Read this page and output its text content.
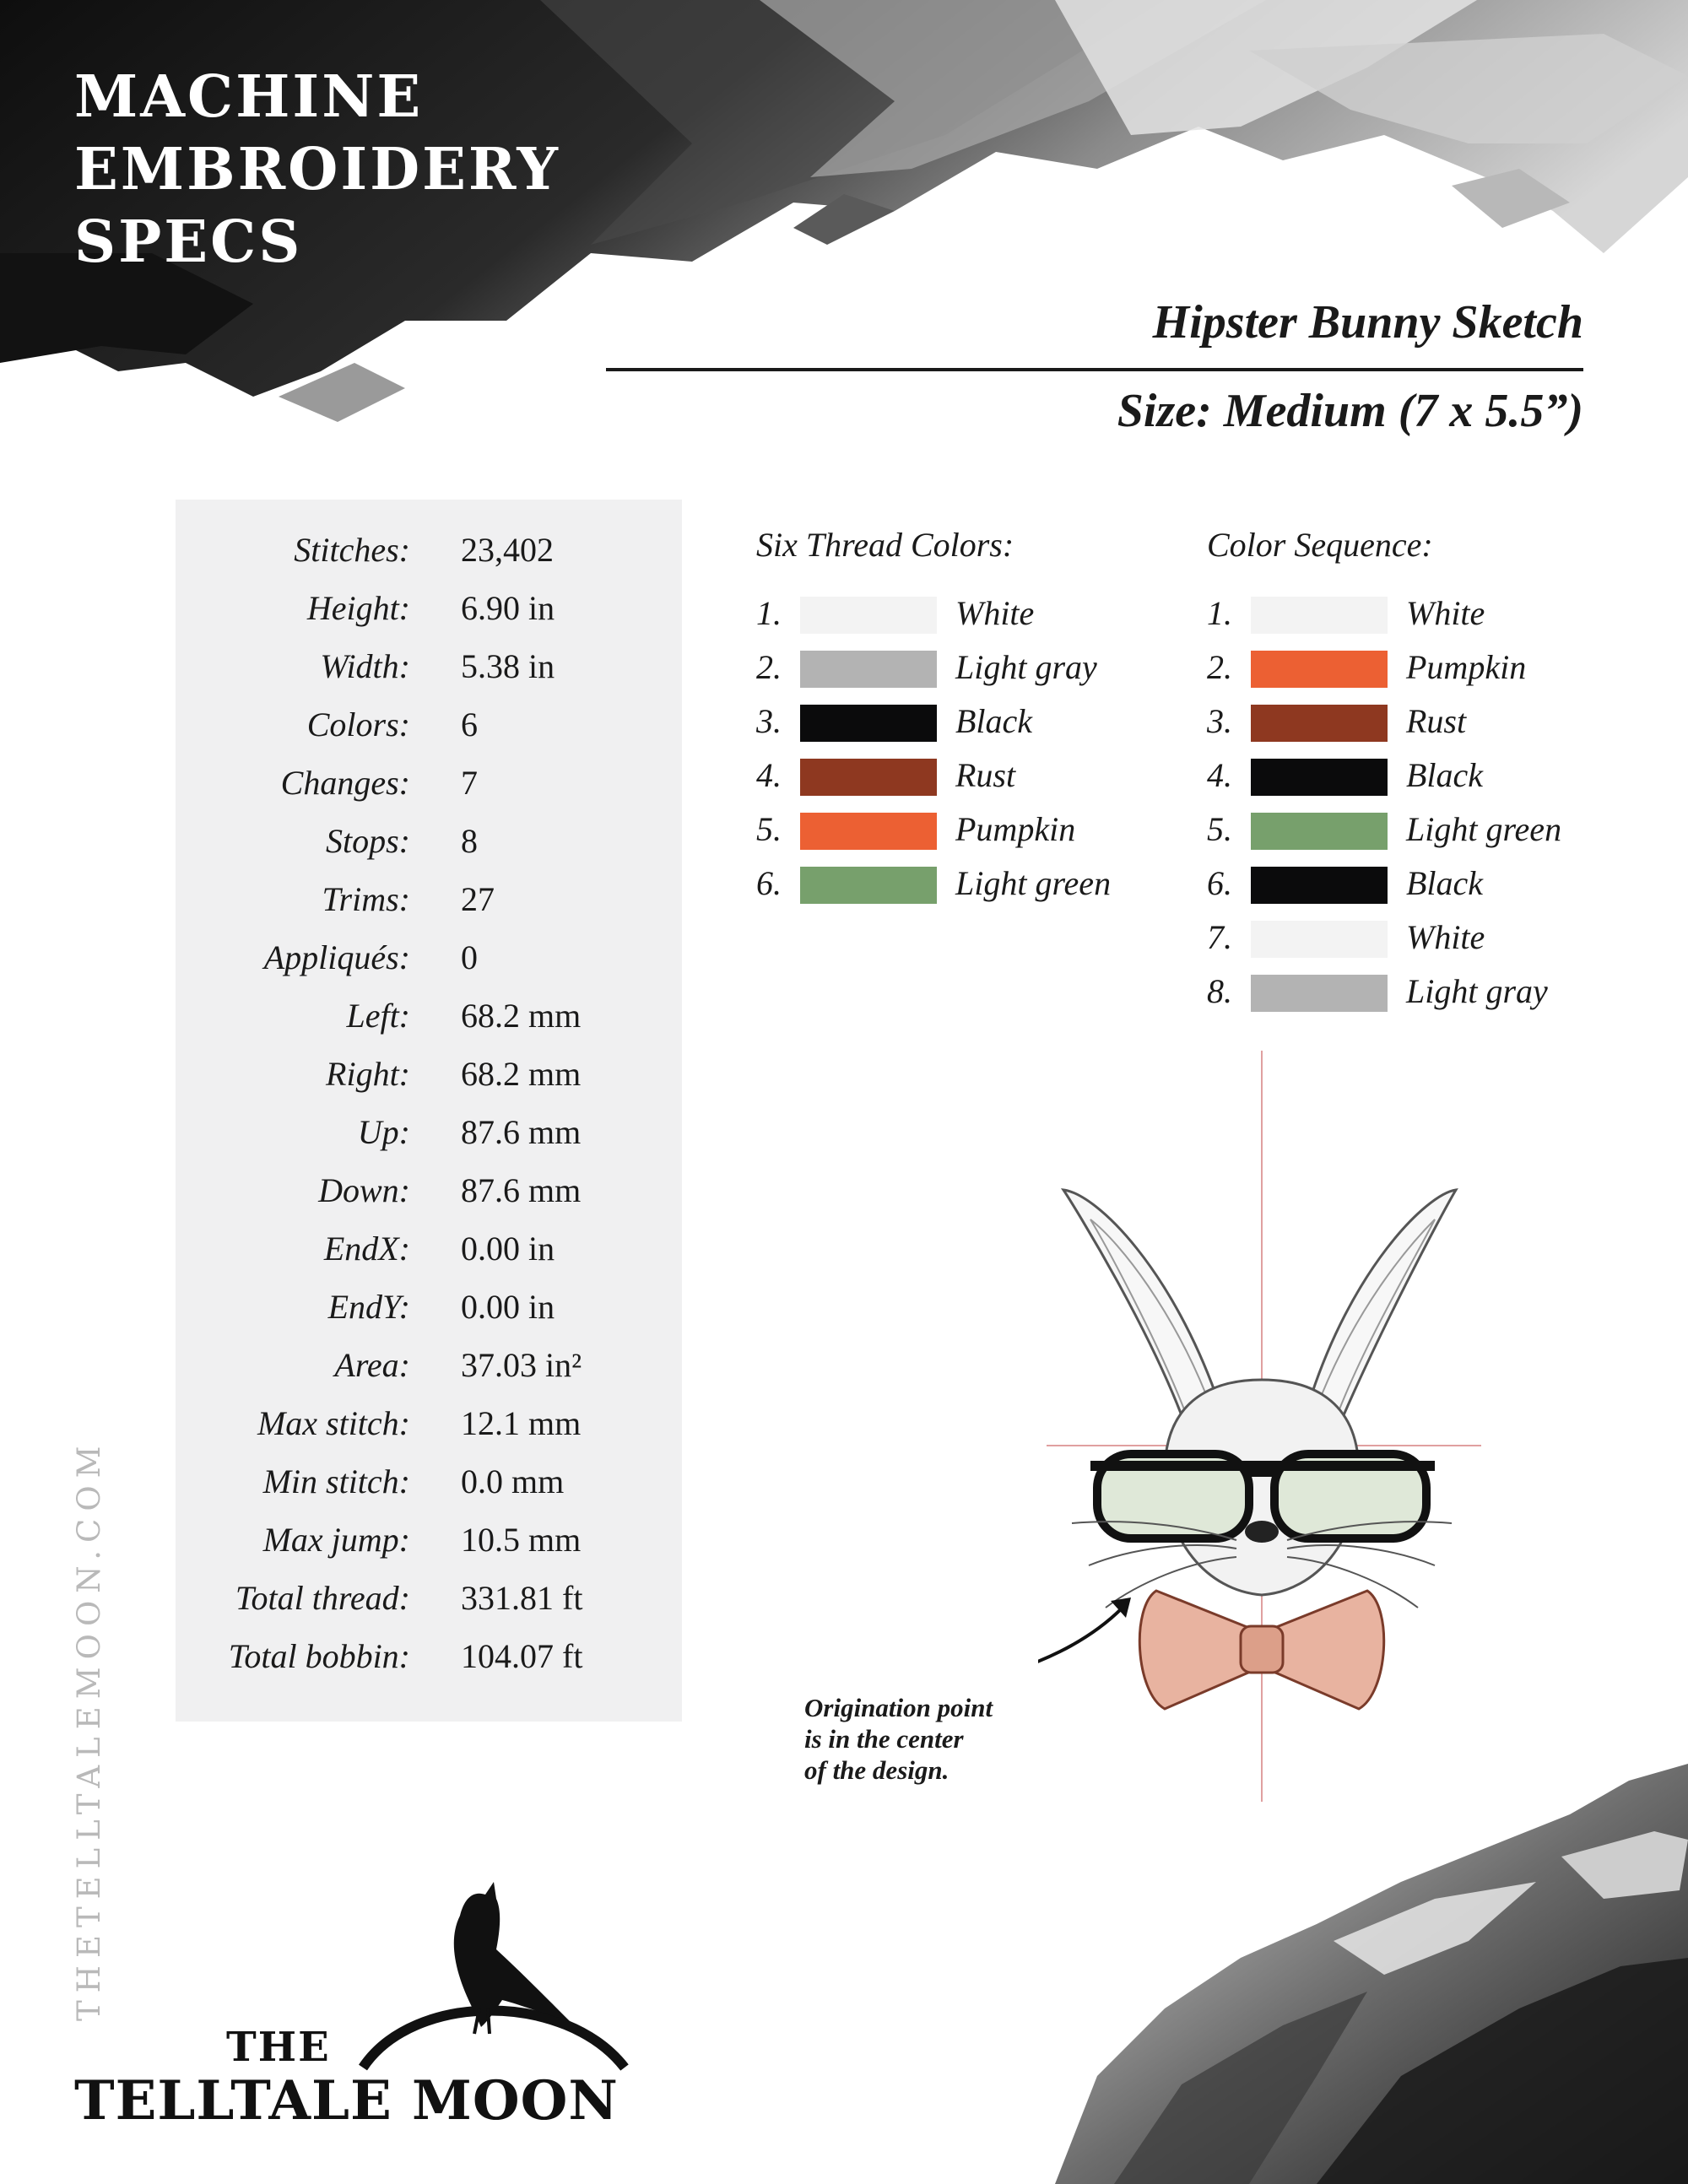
MACHINE
EMBROIDERY
SPECS
Hipster Bunny Sketch
Size: Medium (7 x 5.5”)
Stitches: 23,402
Height: 6.90 in
Width: 5.38 in
Colors: 6
Changes: 7
Stops: 8
Trims: 27
Appliqués: 0
Left: 68.2 mm
Right: 68.2 mm
Up: 87.6 mm
Down: 87.6 mm
EndX: 0.00 in
EndY: 0.00 in
Area: 37.03 in²
Max stitch: 12.1 mm
Min stitch: 0.0 mm
Max jump: 10.5 mm
Total thread: 331.81 ft
Total bobbin: 104.07 ft
Six Thread Colors:
1.	White
2.	Light gray
3.	Black
4.	Rust
5.	Pumpkin
6.	Light green
Color Sequence:
1.	White
2.	Pumpkin
3.	Rust
4.	Black
5.	Light green
6.	Black
7.	White
8.	Light gray
Origination point
is in the center
of the design.
THETELLTALEMOON.COM
THE
TELLTALE MOON
